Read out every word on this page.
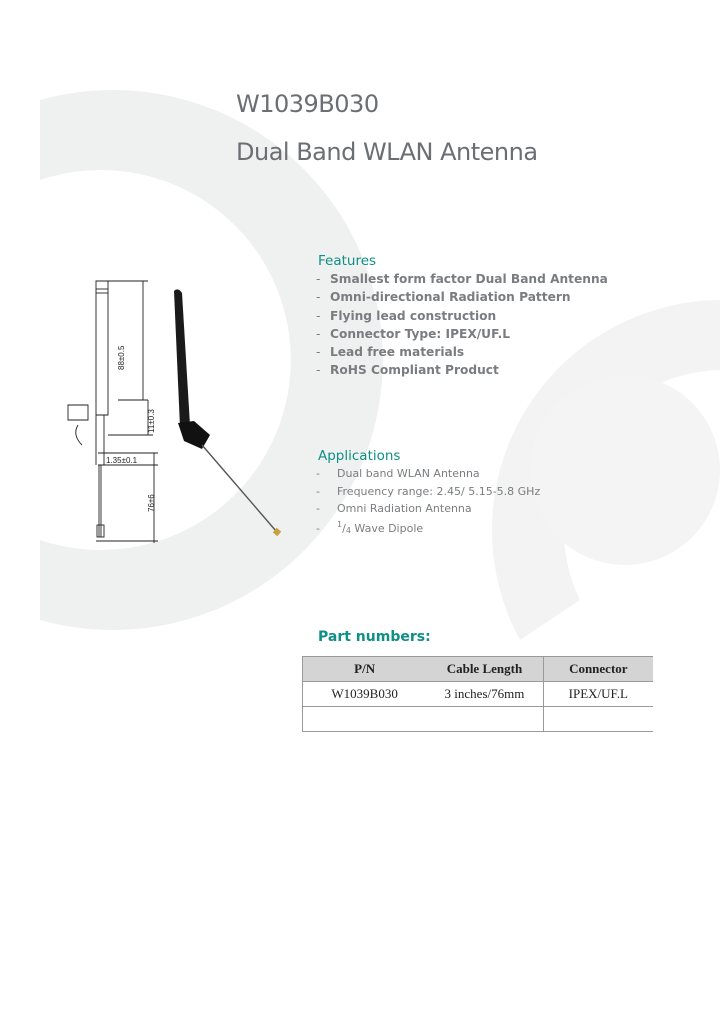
W1039B030
Dual Band WLAN Antenna
88±0.5
11±0.3
1.35±0.1
76±6
Features
- Smallest form factor Dual Band Antenna
- Omni-directional Radiation Pattern
- Flying lead construction
- Connector Type: IPEX/UF.L
- Lead free materials
- RoHS Compliant Product
Applications
- Dual band WLAN Antenna
- Frequency range: 2.45/ 5.15-5.8 GHz
- Omni Radiation Antenna
- $^1/_4$ Wave Dipole
Part numbers:
P/N	Cable Length	Connector
W1039B030	3 inches/76mm	IPEX/UF.L
